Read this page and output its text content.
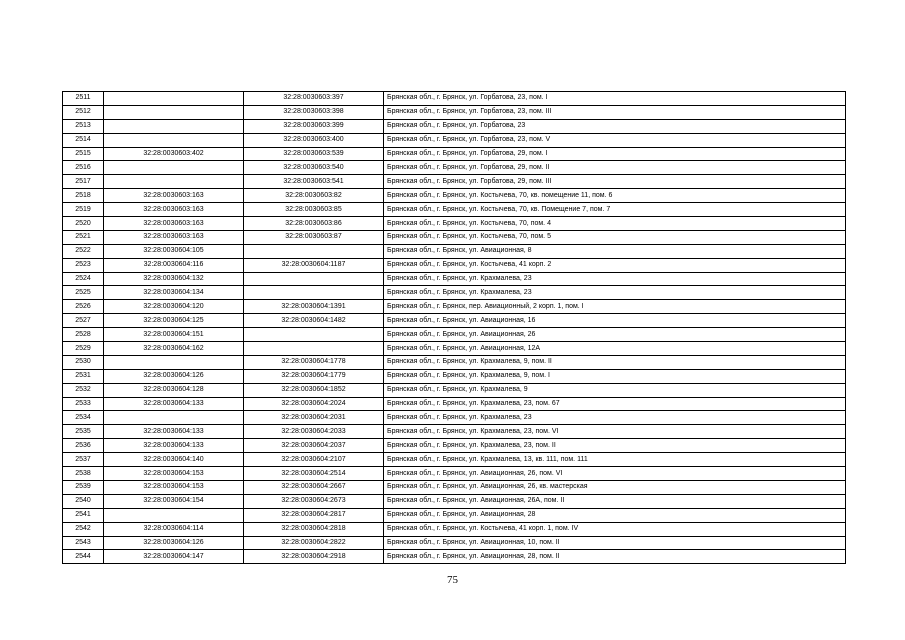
2511		32:28:0030603:397	Брянская обл., г. Брянск, ул. Горбатова, 23, пом. I
2512		32:28:0030603:398	Брянская обл., г. Брянск, ул. Горбатова, 23, пом. III
2513		32:28:0030603:399	Брянская обл., г. Брянск, ул. Горбатова, 23
2514		32:28:0030603:400	Брянская обл., г. Брянск, ул. Горбатова, 23, пом. V
2515	32:28:0030603:402	32:28:0030603:539	Брянская обл., г. Брянск, ул. Горбатова, 29, пом. I
2516		32:28:0030603:540	Брянская обл., г. Брянск, ул. Горбатова, 29, пом. II
2517		32:28:0030603:541	Брянская обл., г. Брянск, ул. Горбатова, 29, пом. III
2518	32:28:0030603:163	32:28:0030603:82	Брянская обл., г. Брянск, ул. Костычева, 70, кв. помещение 11, пом. 6
2519	32:28:0030603:163	32:28:0030603:85	Брянская обл., г. Брянск, ул. Костычева, 70, кв. Помещение 7, пом. 7
2520	32:28:0030603:163	32:28:0030603:86	Брянская обл., г. Брянск, ул. Костычева, 70, пом. 4
2521	32:28:0030603:163	32:28:0030603:87	Брянская обл., г. Брянск, ул. Костычева, 70, пом. 5
2522	32:28:0030604:105		Брянская обл., г. Брянск, ул. Авиационная, 8
2523	32:28:0030604:116	32:28:0030604:1187	Брянская обл., г. Брянск, ул. Костычева, 41 корп. 2
2524	32:28:0030604:132		Брянская обл., г. Брянск, ул. Крахмалева, 23
2525	32:28:0030604:134		Брянская обл., г. Брянск, ул. Крахмалева, 23
2526	32:28:0030604:120	32:28:0030604:1391	Брянская обл., г. Брянск, пер. Авиационный, 2 корп. 1, пом. I
2527	32:28:0030604:125	32:28:0030604:1482	Брянская обл., г. Брянск, ул. Авиационная, 16
2528	32:28:0030604:151		Брянская обл., г. Брянск, ул. Авиационная, 26
2529	32:28:0030604:162		Брянская обл., г. Брянск, ул. Авиационная, 12А
2530		32:28:0030604:1778	Брянская обл., г. Брянск, ул. Крахмалева, 9, пом. II
2531	32:28:0030604:126	32:28:0030604:1779	Брянская обл., г. Брянск, ул. Крахмалева, 9, пом. I
2532	32:28:0030604:128	32:28:0030604:1852	Брянская обл., г. Брянск, ул. Крахмалева, 9
2533	32:28:0030604:133	32:28:0030604:2024	Брянская обл., г. Брянск, ул. Крахмалева, 23, пом. 67
2534		32:28:0030604:2031	Брянская обл., г. Брянск, ул. Крахмалева, 23
2535	32:28:0030604:133	32:28:0030604:2033	Брянская обл., г. Брянск, ул. Крахмалева, 23, пом. VI
2536	32:28:0030604:133	32:28:0030604:2037	Брянская обл., г. Брянск, ул. Крахмалева, 23, пом. II
2537	32:28:0030604:140	32:28:0030604:2107	Брянская обл., г. Брянск, ул. Крахмалева, 13, кв. 111, пом. 111
2538	32:28:0030604:153	32:28:0030604:2514	Брянская обл., г. Брянск, ул. Авиационная, 26, пом. VI
2539	32:28:0030604:153	32:28:0030604:2667	Брянская обл., г. Брянск, ул. Авиационная, 26, кв. мастерская
2540	32:28:0030604:154	32:28:0030604:2673	Брянская обл., г. Брянск, ул. Авиационная, 26А, пом. II
2541		32:28:0030604:2817	Брянская обл., г. Брянск, ул. Авиационная, 28
2542	32:28:0030604:114	32:28:0030604:2818	Брянская обл., г. Брянск, ул. Костычева, 41 корп. 1, пом. IV
2543	32:28:0030604:126	32:28:0030604:2822	Брянская обл., г. Брянск, ул. Авиационная, 10, пом. II
2544	32:28:0030604:147	32:28:0030604:2918	Брянская обл., г. Брянск, ул. Авиационная, 28, пом. II
75
